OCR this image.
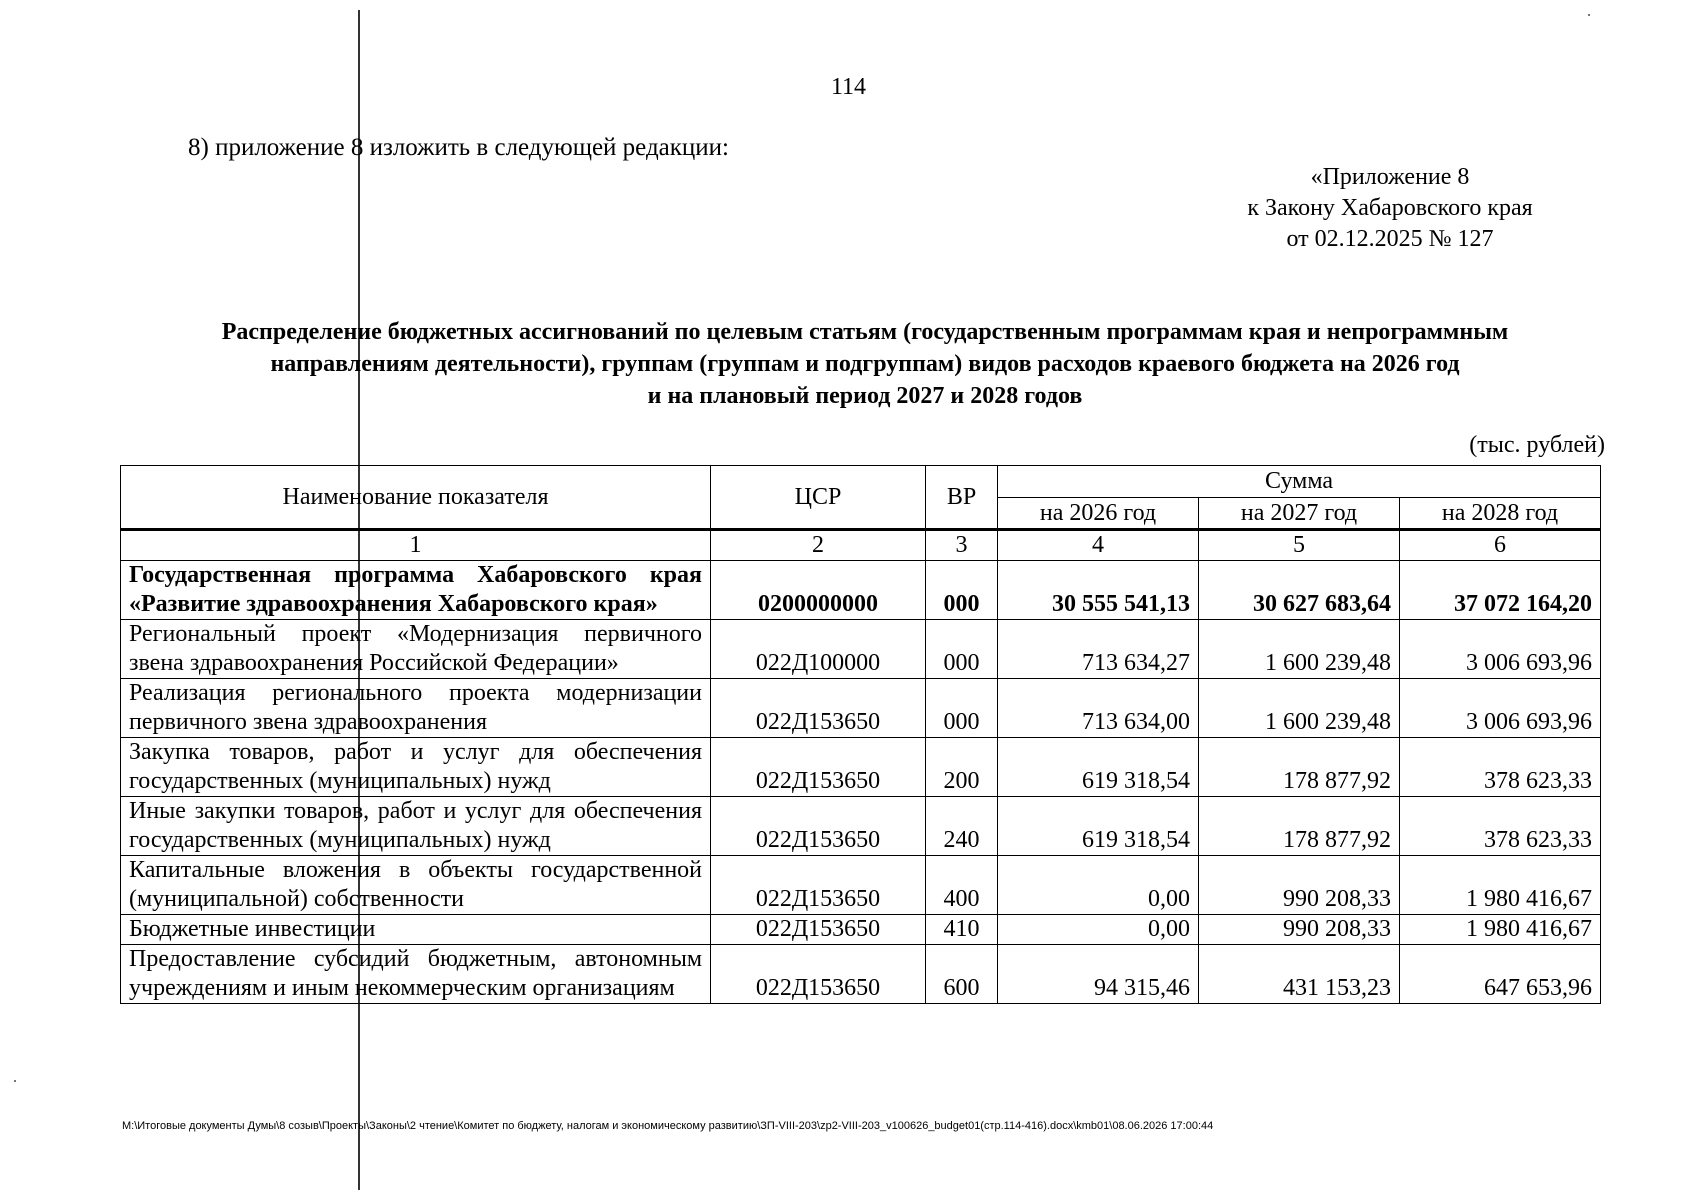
114
8) приложение 8 изложить в следующей редакции:
«Приложение 8
к Закону Хабаровского края
от 02.12.2025 № 127
Распределение бюджетных ассигнований по целевым статьям (государственным программам края и непрограммным
направлениям деятельности), группам (группам и подгруппам) видов расходов краевого бюджета на 2026 год
и на плановый период 2027 и 2028 годов
(тыс. рублей)
Наименование показателя	ЦСР	ВР	Сумма		
			на 2026 год	на 2027 год	на 2028 год
1	2	3	4	5	6
Государственная программа Хабаровского края «Развитие здравоохранения Хабаровского края»	0200000000	000	30 555 541,13	30 627 683,64	37 072 164,20
Региональный проект «Модернизация первичного звена здравоохранения Российской Федерации»	022Д100000	000	713 634,27	1 600 239,48	3 006 693,96
Реализация регионального проекта модернизации первичного звена здравоохранения	022Д153650	000	713 634,00	1 600 239,48	3 006 693,96
Закупка товаров, работ и услуг для обеспечения государственных (муниципальных) нужд	022Д153650	200	619 318,54	178 877,92	378 623,33
Иные закупки товаров, работ и услуг для обеспечения государственных (муниципальных) нужд	022Д153650	240	619 318,54	178 877,92	378 623,33
Капитальные вложения в объекты государственной (муниципальной) собственности	022Д153650	400	0,00	990 208,33	1 980 416,67
Бюджетные инвестиции	022Д153650	410	0,00	990 208,33	1 980 416,67
Предоставление субсидий бюджетным, автономным учреждениям и иным некоммерческим организациям	022Д153650	600	94 315,46	431 153,23	647 653,96
М:\Итоговые документы Думы\8 созыв\Проекты\Законы\2 чтение\Комитет по бюджету, налогам и экономическому развитию\ЗП-VIII-203\zp2-VIII-203_v100626_budget01(стр.114-416).docx\kmb01\08.06.2026 17:00:44
